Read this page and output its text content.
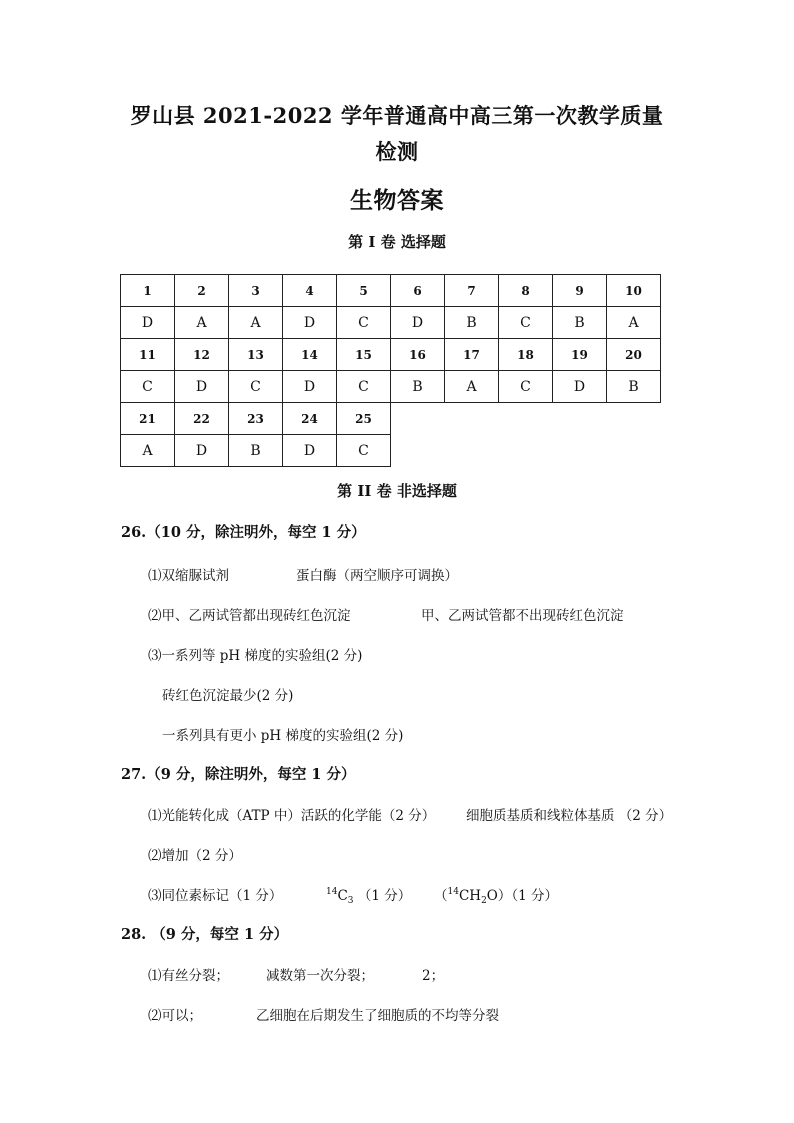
罗山县 2021-2022 学年普通高中高三第一次教学质量
检测
生物答案
第 I 卷 选择题
1	2	3	4	5	6	7	8	9	10
D	A	A	D	C	D	B	C	B	A
11	12	13	14	15	16	17	18	19	20
C	D	C	D	C	B	A	C	D	B
21	22	23	24	25					
A	D	B	D	C					
第 II 卷 非选择题
26.（10 分，除注明外，每空 1 分）
⑴双缩脲试剂	蛋白酶（两空顺序可调换）
⑵甲、乙两试管都出现砖红色沉淀	甲、乙两试管都不出现砖红色沉淀
⑶一系列等 pH 梯度的实验组(2 分)
砖红色沉淀最少(2 分)
一系列具有更小 pH 梯度的实验组(2 分)
27.（9 分，除注明外，每空 1 分）
⑴光能转化成（ATP 中）活跃的化学能（2 分） 细胞质基质和线粒体基质 （2 分）
⑵增加（2 分）
⑶同位素标记（1 分）	$^{14}C_3$ （1 分） $(^{14}CH_2O)(1$ 分）
28. （9 分，每空 1 分）
⑴有丝分裂；	减数第一次分裂；	2；
⑵可以；	乙细胞在后期发生了细胞质的不均等分裂
